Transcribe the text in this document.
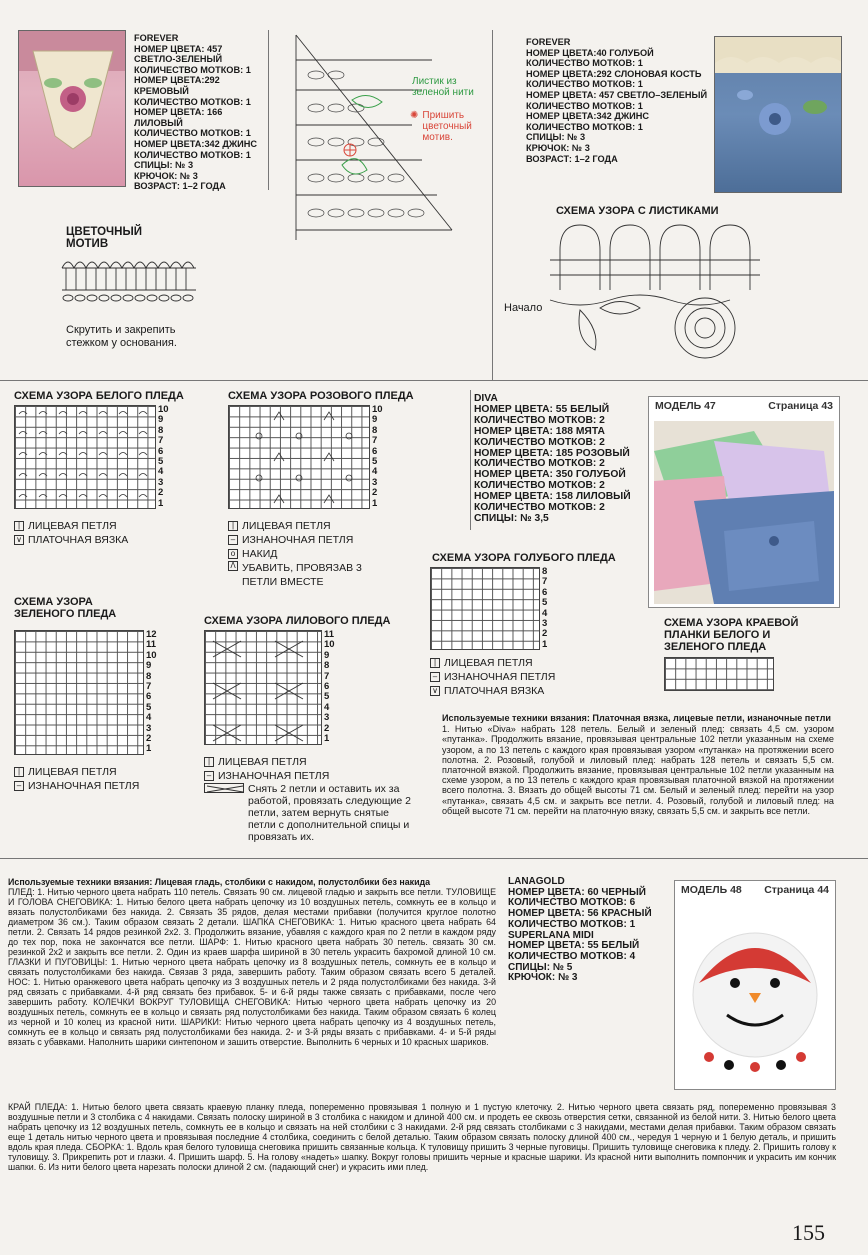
FOREVER
НОМЕР ЦВЕТА: 457
СВЕТЛО-ЗЕЛЕНЫЙ
КОЛИЧЕСТВО МОТКОВ: 1
НОМЕР ЦВЕТА:292
КРЕМОВЫЙ
КОЛИЧЕСТВО МОТКОВ: 1
НОМЕР ЦВЕТА: 166
ЛИЛОВЫЙ
КОЛИЧЕСТВО МОТКОВ: 1
НОМЕР ЦВЕТА:342 ДЖИНС
КОЛИЧЕСТВО МОТКОВ: 1
СПИЦЫ: № 3
КРЮЧОК: № 3
ВОЗРАСТ: 1–2 ГОДА
Листик из зеленой нити
✺ Пришить цветочный мотив.
ЦВЕТОЧНЫЙ МОТИВ
Скрутить и закрепить стежком у основания.
FOREVER
НОМЕР ЦВЕТА:40 ГОЛУБОЙ
КОЛИЧЕСТВО МОТКОВ: 1
НОМЕР ЦВЕТА:292 СЛОНОВАЯ КОСТЬ
КОЛИЧЕСТВО МОТКОВ: 1
НОМЕР ЦВЕТА: 457 СВЕТЛО–ЗЕЛЕНЫЙ
КОЛИЧЕСТВО МОТКОВ: 1
НОМЕР ЦВЕТА:342 ДЖИНС
КОЛИЧЕСТВО МОТКОВ: 1
СПИЦЫ: № 3
КРЮЧОК: № 3
ВОЗРАСТ: 1–2 ГОДА
СХЕМА УЗОРА С ЛИСТИКАМИ
Начало
СХЕМА УЗОРА БЕЛОГО ПЛЕДА
10
9
8
7
6
5
4
3
2
1
| ЛИЦЕВАЯ ПЕТЛЯ
∨ ПЛАТОЧНАЯ ВЯЗКА
СХЕМА УЗОРА РОЗОВОГО ПЛЕДА
10
9
8
7
6
5
4
3
2
1
| ЛИЦЕВАЯ ПЕТЛЯ
– ИЗНАНОЧНАЯ ПЕТЛЯ
o НАКИД
Λ УБАВИТЬ, ПРОВЯЗАВ 3 ПЕТЛИ ВМЕСТЕ
DIVA
НОМЕР ЦВЕТА: 55 БЕЛЫЙ
КОЛИЧЕСТВО МОТКОВ: 2
НОМЕР ЦВЕТА: 188 МЯТА
КОЛИЧЕСТВО МОТКОВ: 2
НОМЕР ЦВЕТА: 185 РОЗОВЫЙ
КОЛИЧЕСТВО МОТКОВ: 2
НОМЕР ЦВЕТА: 350 ГОЛУБОЙ
КОЛИЧЕСТВО МОТКОВ: 2
НОМЕР ЦВЕТА: 158 ЛИЛОВЫЙ
КОЛИЧЕСТВО МОТКОВ: 2
СПИЦЫ: № 3,5
МОДЕЛЬ 47	Страница 43
СХЕМА УЗОРА ГОЛУБОГО ПЛЕДА
8
7
6
5
4
3
2
1
| ЛИЦЕВАЯ ПЕТЛЯ
– ИЗНАНОЧНАЯ ПЕТЛЯ
∨ ПЛАТОЧНАЯ ВЯЗКА
СХЕМА УЗОРА КРАЕВОЙ ПЛАНКИ БЕЛОГО И ЗЕЛЕНОГО ПЛЕДА
СХЕМА УЗОРА ЗЕЛЕНОГО ПЛЕДА
12
11
10
9
8
7
6
5
4
3
2
1
| ЛИЦЕВАЯ ПЕТЛЯ
– ИЗНАНОЧНАЯ ПЕТЛЯ
СХЕМА УЗОРА ЛИЛОВОГО ПЛЕДА
11
10
9
8
7
6
5
4
3
2
1
| ЛИЦЕВАЯ ПЕТЛЯ
– ИЗНАНОЧНАЯ ПЕТЛЯ
Снять 2 петли и оставить их за работой, провязать следующие 2 петли, затем вернуть снятые петли с дополнительной спицы и провязать их.
Используемые техники вязания: Платочная вязка, лицевые петли, изнаночные петли
1. Нитью «Diva» набрать 128 петель. Белый и зеленый плед: связать 4,5 см. узором «путанка». Продолжить вязание, провязывая центральные 102 петли указанным на схеме узором, а по 13 петель с каждого края провязывая узором «путанка» на протяжении всего полотна. 2. Розовый, голубой и лиловый плед: набрать 128 петель и связать 5,5 см. платочной вязкой. Продолжить вязание, провязывая центральные 102 петли указанным на схеме узором, а по 13 петель с каждого края провязывая платочной вязкой на протяжении всего полотна. 3. Вязать до общей высоты 71 см. Белый и зеленый плед: перейти на узор «путанка», связать 4,5 см. и закрыть все петли. 4. Розовый, голубой и лиловый плед: на общей высоте 71 см. перейти на платочную вязку, связать 5,5 см. и закрыть все петли.
Используемые техники вязания: Лицевая гладь, столбики с накидом, полустолбики без накида
ПЛЕД: 1. Нитью черного цвета набрать 110 петель. Связать 90 см. лицевой гладью и закрыть все петли. ТУЛОВИЩЕ И ГОЛОВА СНЕГОВИКА: 1. Нитью белого цвета набрать цепочку из 10 воздушных петель, сомкнуть ее в кольцо и вязать полустолбиками без накида. 2. Связать 35 рядов, делая местами прибавки (получится круглое полотно диаметром 36 см.). Таким образом связать 2 детали. ШАПКА СНЕГОВИКА: 1. Нитью красного цвета набрать 64 петли. 2. Связать 14 рядов резинкой 2х2. 3. Продолжить вязание, убавляя с каждого края по 2 петли в каждом ряду до тех пор, пока не закончатся все петли. ШАРФ: 1. Нитью красного цвета набрать 30 петель. связать 30 см. резинкой 2х2 и закрыть все петли. 2. Один из краев шарфа шириной в 30 петель украсить бахромой длиной 10 см. ГЛАЗКИ И ПУГОВИЦЫ: 1. Нитью черного цвета набрать цепочку из 8 воздушных петель, сомкнуть ее в кольцо и связать полустолбиками без накида. Связав 3 ряда, завершить работу. Таким образом связать всего 5 деталей. НОС: 1. Нитью оранжевого цвета набрать цепочку из 3 воздушных петель и 2 ряда полустолбиками без накида. 3-й ряд связать с прибавками. 4-й ряд связать без прибавок. 5- и 6-й ряды также связать с прибавками, после чего завершить работу. КОЛЕЧКИ ВОКРУГ ТУЛОВИЩА СНЕГОВИКА: Нитью черного цвета набрать цепочку из 20 воздушных петель, сомкнуть ее в кольцо и связать ряд полустолбиками без накида. Таким образом связать 6 колец из черной и 10 колец из красной нити. ШАРИКИ: Нитью черного цвета набрать цепочку из 4 воздушных петель, сомкнуть ее в кольцо и связать ряд полустолбиками без накида. 2- и 3-й ряды вязать с прибавками. 4- и 5-й ряды вязать с убавками. Наполнить шарики синтепоном и зашить отверстие. Выполнить 6 черных и 10 красных шариков.
LANAGOLD
НОМЕР ЦВЕТА: 60 ЧЕРНЫЙ
КОЛИЧЕСТВО МОТКОВ: 6
НОМЕР ЦВЕТА: 56 КРАСНЫЙ
КОЛИЧЕСТВО МОТКОВ: 1
SUPERLANA MIDI
НОМЕР ЦВЕТА: 55 БЕЛЫЙ
КОЛИЧЕСТВО МОТКОВ: 4
СПИЦЫ: № 5
КРЮЧОК: № 3
МОДЕЛЬ 48 Страница 44
КРАЙ ПЛЕДА: 1. Нитью белого цвета связать краевую планку пледа, попеременно провязывая 1 полную и 1 пустую клеточку. 2. Нитью черного цвета связать ряд, попеременно провязывая 3 воздушные петли и 3 столбика с 4 накидами. Связать полоску шириной в 3 столбика с накидом и длиной 400 см. и продеть ее сквозь отверстия сетки, связанной из белой нити. 3. Нитью белого цвета набрать цепочку из 12 воздушных петель, сомкнуть ее в кольцо и связать на ней столбики с 3 накидами. 2-й ряд связать столбиками с 3 накидами, местами делая прибавки. Таким образом связать еще 1 деталь нитью черного цвета и провязывая последние 4 столбика, соединить с белой деталью. Таким образом связать полоску длиной 400 см., чередуя 1 черную и 1 белую деталь, и пришить вдоль края пледа. СБОРКА: 1. Вдоль края белого туловища снеговика пришить связанные кольца. К туловищу пришить 3 черные пуговицы. Пришить туловище снеговика к пледу. 2. Пришить голову к туловищу. 3. Прикрепить рот и глазки. 4. Пришить шарф. 5. На голову «надеть» шапку. Вокруг головы пришить черные и красные шарики. Из красной нити выполнить помпончик и украсить им кончик шапки. 6. Из нити белого цвета нарезать полоски длиной 2 см. (падающий снег) и украсить ими плед.
155
